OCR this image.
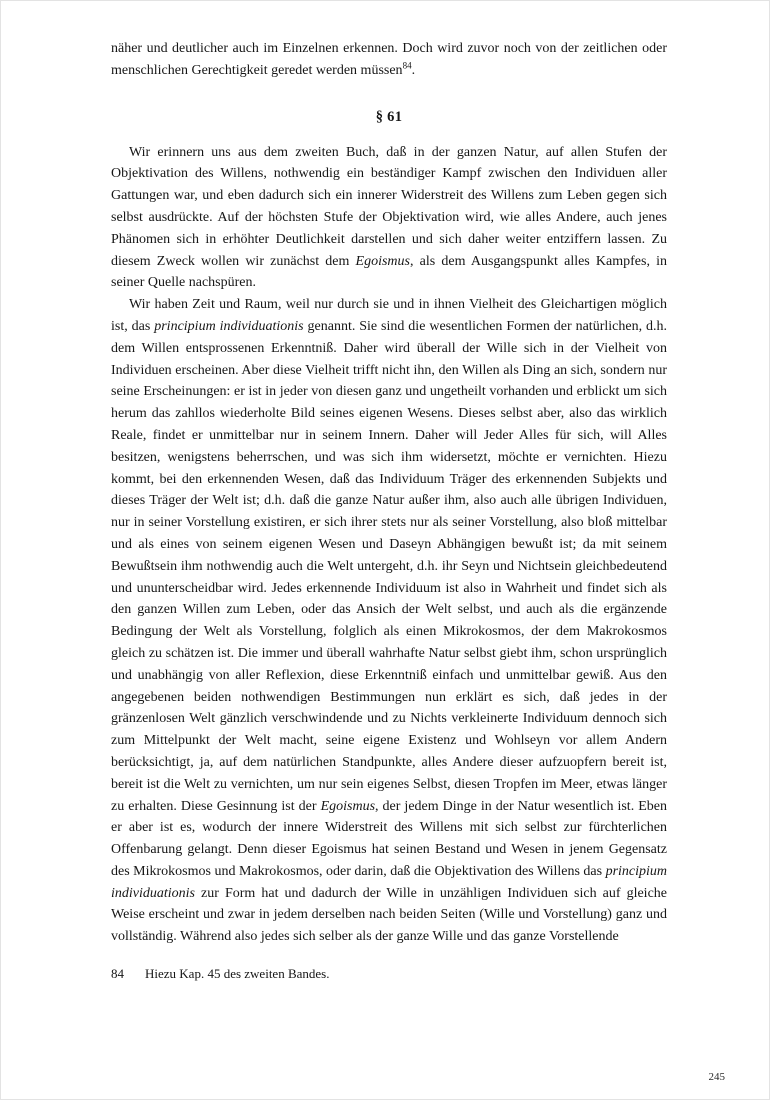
näher und deutlicher auch im Einzelnen erkennen. Doch wird zuvor noch von der zeitlichen oder menschlichen Gerechtigkeit geredet werden müssen$^{84}$.

§ 61

Wir erinnern uns aus dem zweiten Buch, daß in der ganzen Natur, auf allen Stufen der Objektivation des Willens, nothwendig ein beständiger Kampf zwischen den Individuen aller Gattungen war, und eben dadurch sich ein innerer Widerstreit des Willens zum Leben gegen sich selbst ausdrückte. Auf der höchsten Stufe der Objektivation wird, wie alles Andere, auch jenes Phänomen sich in erhöhter Deutlichkeit darstellen und sich daher weiter entziffern lassen. Zu diesem Zweck wollen wir zunächst dem Egoismus, als dem Ausgangspunkt alles Kampfes, in seiner Quelle nachspüren.

Wir haben Zeit und Raum, weil nur durch sie und in ihnen Vielheit des Gleichartigen möglich ist, das principium individuationis genannt. Sie sind die wesentlichen Formen der natürlichen, d.h. dem Willen entsprossenen Erkenntniß. Daher wird überall der Wille sich in der Vielheit von Individuen erscheinen. Aber diese Vielheit trifft nicht ihn, den Willen als Ding an sich, sondern nur seine Erscheinungen: er ist in jeder von diesen ganz und ungetheilt vorhanden und erblickt um sich herum das zahllos wiederholte Bild seines eigenen Wesens. Dieses selbst aber, also das wirklich Reale, findet er unmittelbar nur in seinem Innern. Daher will Jeder Alles für sich, will Alles besitzen, wenigstens beherrschen, und was sich ihm widersetzt, möchte er vernichten. Hiezu kommt, bei den erkennenden Wesen, daß das Individuum Träger des erkennenden Subjekts und dieses Träger der Welt ist; d.h. daß die ganze Natur außer ihm, also auch alle übrigen Individuen, nur in seiner Vorstellung existiren, er sich ihrer stets nur als seiner Vorstellung, also bloß mittelbar und als eines von seinem eigenen Wesen und Daseyn Abhängigen bewußt ist; da mit seinem Bewußtsein ihm nothwendig auch die Welt untergeht, d.h. ihr Seyn und Nichtsein gleichbedeutend und ununterscheidbar wird. Jedes erkennende Individuum ist also in Wahrheit und findet sich als den ganzen Willen zum Leben, oder das Ansich der Welt selbst, und auch als die ergänzende Bedingung der Welt als Vorstellung, folglich als einen Mikrokosmos, der dem Makrokosmos gleich zu schätzen ist. Die immer und überall wahrhafte Natur selbst giebt ihm, schon ursprünglich und unabhängig von aller Reflexion, diese Erkenntniß einfach und unmittelbar gewiß. Aus den angegebenen beiden nothwendigen Bestimmungen nun erklärt es sich, daß jedes in der gränzenlosen Welt gänzlich verschwindende und zu Nichts verkleinerte Individuum dennoch sich zum Mittelpunkt der Welt macht, seine eigene Existenz und Wohlseyn vor allem Andern berücksichtigt, ja, auf dem natürlichen Standpunkte, alles Andere dieser aufzuopfern bereit ist, bereit ist die Welt zu vernichten, um nur sein eigenes Selbst, diesen Tropfen im Meer, etwas länger zu erhalten. Diese Gesinnung ist der Egoismus, der jedem Dinge in der Natur wesentlich ist. Eben er aber ist es, wodurch der innere Widerstreit des Willens mit sich selbst zur fürchterlichen Offenbarung gelangt. Denn dieser Egoismus hat seinen Bestand und Wesen in jenem Gegensatz des Mikrokosmos und Makrokosmos, oder darin, daß die Objektivation des Willens das principium individuationis zur Form hat und dadurch der Wille in unzähligen Individuen sich auf gleiche Weise erscheint und zwar in jedem derselben nach beiden Seiten (Wille und Vorstellung) ganz und vollständig. Während also jedes sich selber als der ganze Wille und das ganze Vorstellende

84 Hiezu Kap. 45 des zweiten Bandes.
245
